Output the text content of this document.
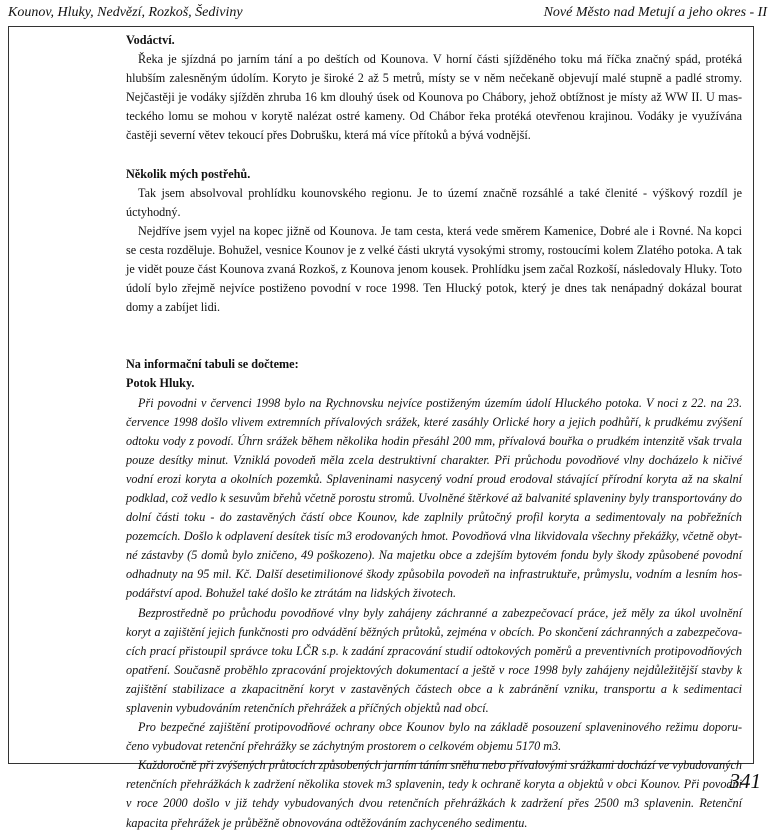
Kounov, Hluky, Nedvězí, Rozkoš, Šediviny	Nové Město nad Metují a jeho okres - II

Vodáctví.

Řeka je sjízdná po jarním tání a po deštích od Kounova. V horní části sjížděného toku má říčka značný spád, protéká hlubším zalesněným údolím. Koryto je široké 2 až 5 metrů, místy se v něm nečekaně objevují malé stupně a padlé stromy. Nejčastěji je vodáky sjížděn zhruba 16 km dlouhý úsek od Kounova po Chábory, jehož obtížnost je místy až WW II. U masteckého lomu se mohou v korytě nalézat ostré kameny. Od Chábor řeka protéká otevřenou krajinou. Vodáky je využívána častěji severní větev tekoucí přes Dobrušku, která má více přítoků a bývá vodnější.

Několik mých postřehů.

Tak jsem absolvoval prohlídku kounovského regionu. Je to území značně rozsáhlé a také členité - výškový rozdíl je úctyhodný.

Nejdříve jsem vyjel na kopec jižně od Kounova. Je tam cesta, která vede směrem Kamenice, Dobré ale i Rovné. Na kopci se cesta rozděluje. Bohužel, vesnice Kounov je z velké části ukrytá vysokými stromy, rostoucími kolem Zlatého potoka. A tak je vidět pouze část Kounova zvaná Rozkoš, z Kounova jenom kousek. Prohlídku jsem začal Rozkoší, následovaly Hluky. Toto údolí bylo zřejmě nejvíce postiženo povodní v roce 1998. Ten Hlucký potok, který je dnes tak nenápadný dokázal bourat domy a zabíjet lidi.

Na informační tabuli se dočteme:

Potok Hluky.

Při povodni v červenci 1998 bylo na Rychnovsku nejvíce postiženým územím údolí Hluckého potoka. V noci z 22. na 23. července 1998 došlo vlivem extremních přívalových srážek, které zasáhly Orlické hory a jejich podhůří, k prudkému zvýšení odtoku vody z povodí. Úhrn srážek během několika hodin přesáhl 200 mm, přívalová bouřka o prudkém intenzitě však trvala pouze desítky minut. Vzniklá povodeň měla zcela destruktivní charakter. Při průchodu povodňové vlny docházelo k ničivé vodní erozi koryta a okolních pozemků. Splaveninami nasycený vodní proud erodoval stávající přírodní koryta až na skalní podklad, což vedlo k sesuvům břehů včetně porostu stromů. Uvolněné štěrkové až balvanité splaveniny byly transportovány do dolní části toku - do zastavěných částí obce Kounov, kde zaplnily průtočný profil koryta a sedimentovaly na pobřežních pozemcích. Došlo k odplavení desítek tisíc m3 erodovaných hmot. Povodňová vlna likvidovala všechny překážky, včetně obytné zástavby (5 domů bylo zničeno, 49 poškozeno). Na majetku obce a zdejším bytovém fondu byly škody způsobené povodní odhadnuty na 95 mil. Kč. Další desetimilionové škody způsobila povodeň na infrastruktuře, průmyslu, vodním a lesním hospodářství apod. Bohužel také došlo ke ztrátám na lidských životech.

Bezprostředně po průchodu povodňové vlny byly zahájeny záchranné a zabezpečovací práce, jež měly za úkol uvolnění koryt a zajištění jejich funkčnosti pro odvádění běžných průtoků, zejména v obcích. Po skončení záchranných a zabezpečovacích prací přistoupil správce toku LČR s.p. k zadání zpracování studií odtokových poměrů a preventivních protipovodňových opatření. Současně proběhlo zpracování projektových dokumentací a ještě v roce 1998 byly zahájeny nejdůležitější stavby k zajištění stabilizace a zkapacitnění koryt v zastavěných částech obce a k zabránění vzniku, transportu a k sedimentaci splavenin vybudováním retenčních přehrážek a příčných objektů nad obcí.

Pro bezpečné zajištění protipovodňové ochrany obce Kounov bylo na základě posouzení splaveninového režimu doporučeno vybudovat retenční přehrážky se záchytným prostorem o celkovém objemu 5170 m3.

Každoročně při zvýšených průtocích způsobených jarním táním sněhu nebo přívalovými srážkami dochází ve vybudovaných retenčních přehrážkách k zadržení několika stovek m3 splavenin, tedy k ochraně koryta a objektů v obci Kounov. Při povodni v roce 2000 došlo v již tehdy vybudovaných dvou retenčních přehrážkách k zadržení přes 2500 m3 splavenin. Retenční kapacita přehrážek je průběžně obnovována odtěžováním zachyceného sedimentu.

341
